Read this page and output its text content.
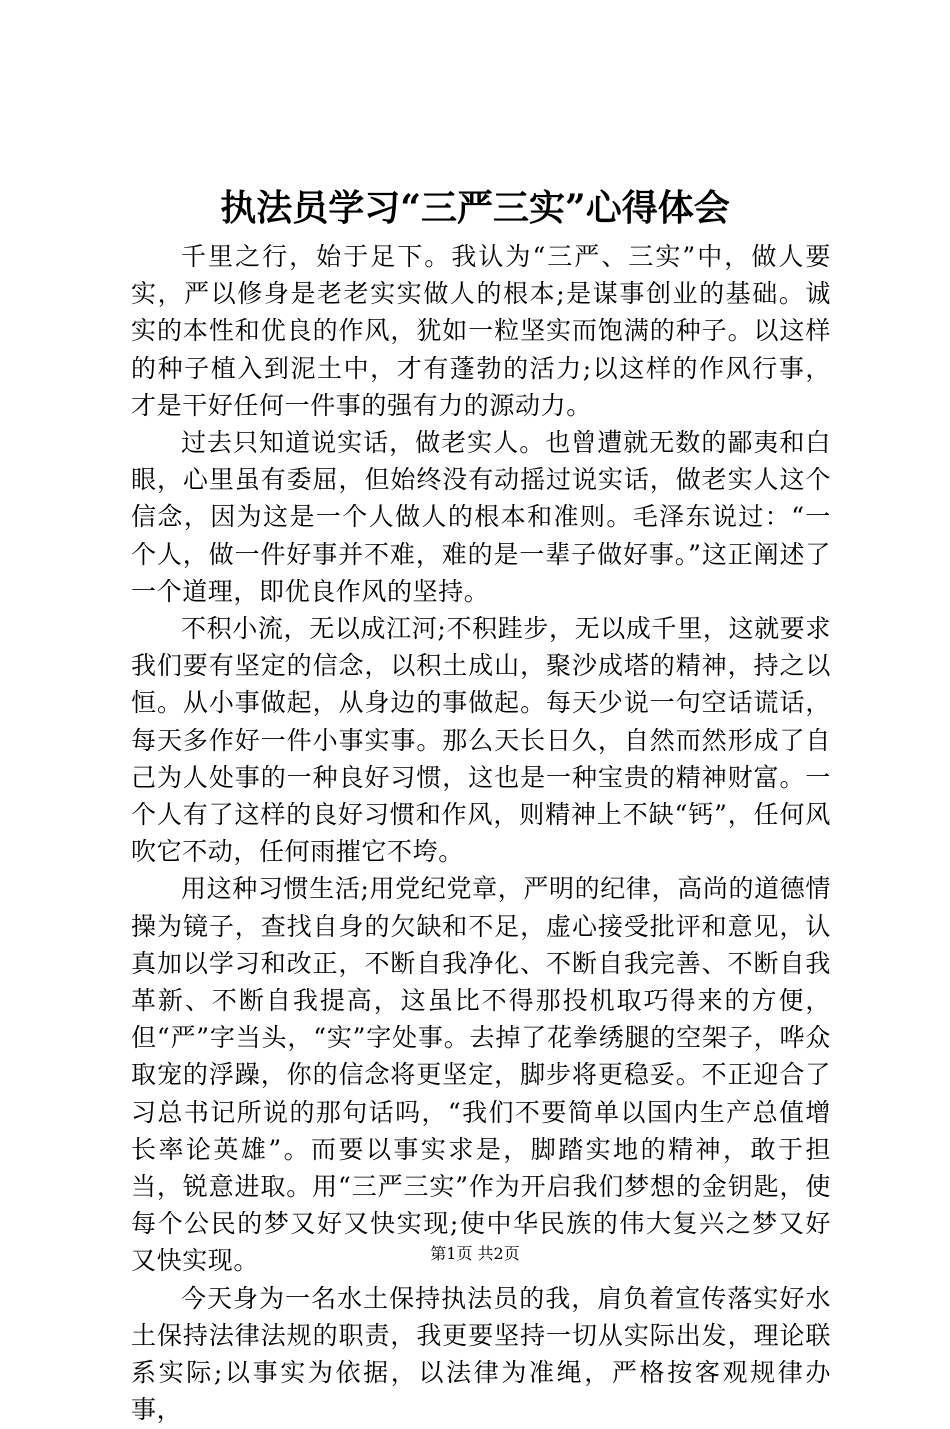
执法员学习“三严三实”心得体会

千里之行，始于足下。我认为“三严、三实”中，做人要实，严以修身是老老实实做人的根本;是谋事创业的基础。诚实的本性和优良的作风，犹如一粒坚实而饱满的种子。以这样的种子植入到泥土中，才有蓬勃的活力;以这样的作风行事，才是干好任何一件事的强有力的源动力。

过去只知道说实话，做老实人。也曾遭就无数的鄙夷和白眼，心里虽有委屈，但始终没有动摇过说实话，做老实人这个信念，因为这是一个人做人的根本和准则。毛泽东说过：“一个人，做一件好事并不难，难的是一辈子做好事。”这正阐述了一个道理，即优良作风的坚持。

不积小流，无以成江河;不积跬步，无以成千里，这就要求我们要有坚定的信念，以积土成山，聚沙成塔的精神，持之以恒。从小事做起，从身边的事做起。每天少说一句空话谎话，每天多作好一件小事实事。那么天长日久，自然而然形成了自己为人处事的一种良好习惯，这也是一种宝贵的精神财富。一个人有了这样的良好习惯和作风，则精神上不缺“钙”，任何风吹它不动，任何雨摧它不垮。

用这种习惯生活;用党纪党章，严明的纪律，高尚的道德情操为镜子，查找自身的欠缺和不足，虚心接受批评和意见，认真加以学习和改正，不断自我净化、不断自我完善、不断自我革新、不断自我提高，这虽比不得那投机取巧得来的方便，但“严”字当头，“实”字处事。去掉了花拳绣腿的空架子，哗众取宠的浮躁，你的信念将更坚定，脚步将更稳妥。不正迎合了习总书记所说的那句话吗，“我们不要简单以国内生产总值增长率论英雄”。而要以事实求是，脚踏实地的精神，敢于担当，锐意进取。用“三严三实”作为开启我们梦想的金钥匙，使每个公民的梦又好又快实现;使中华民族的伟大复兴之梦又好又快实现。

今天身为一名水土保持执法员的我，肩负着宣传落实好水土保持法律法规的职责，我更要坚持一切从实际出发，理论联系实际;以事实为依据，以法律为准绳，严格按客观规律办事，

第1页 共2页
